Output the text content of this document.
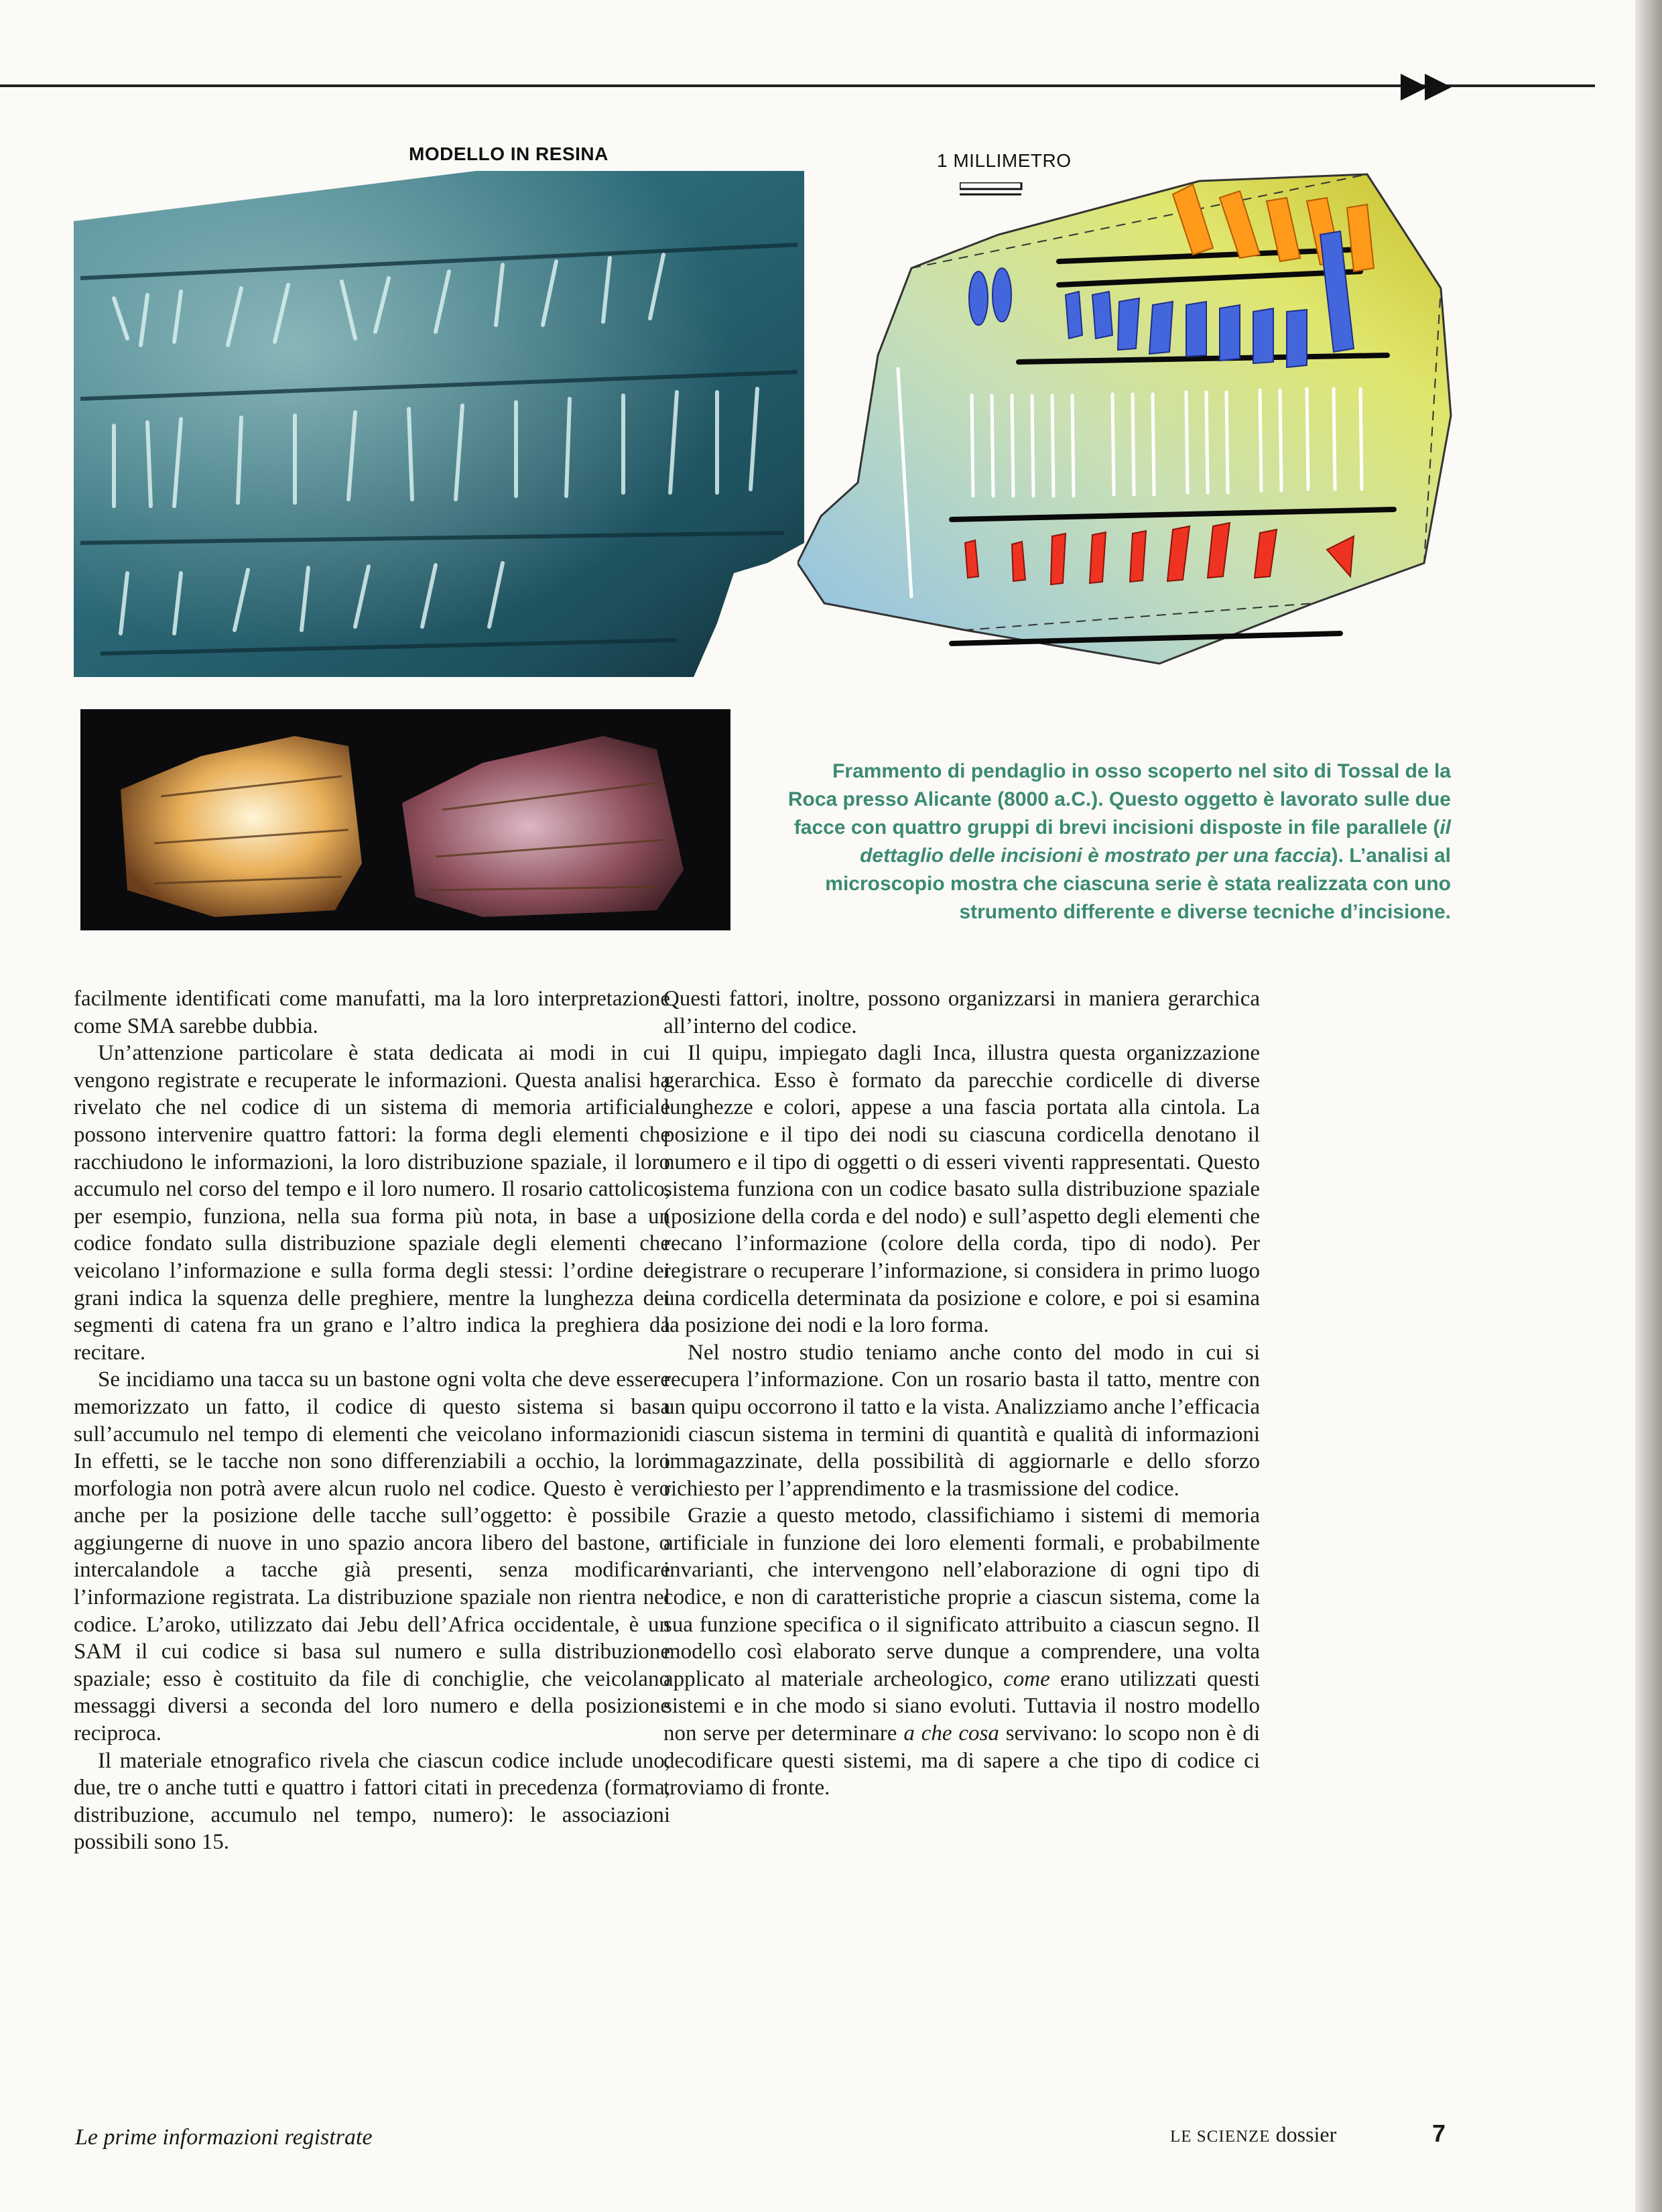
MODELLO IN RESINA	1 MILLIMETRO
Frammento di pendaglio in osso scoperto nel sito di Tossal de la Roca presso Alicante (8000 a.C.). Questo oggetto è lavorato sulle due facce con quattro gruppi di brevi incisioni disposte in file parallele (il dettaglio delle incisioni è mostrato per una faccia). L’analisi al microscopio mostra che ciascuna serie è stata realizzata con uno strumento differente e diverse tecniche d’incisione.

facilmente identificati come manufatti, ma la loro interpretazione come SMA sarebbe dubbia.

Un’attenzione particolare è stata dedicata ai modi in cui vengono registrate e recuperate le informazioni. Questa analisi ha rivelato che nel codice di un sistema di memoria artificiale possono intervenire quattro fattori: la forma degli elementi che racchiudono le informazioni, la loro distribuzione spaziale, il loro accumulo nel corso del tempo e il loro numero. Il rosario cattolico, per esempio, funziona, nella sua forma più nota, in base a un codice fondato sulla distribuzione spaziale degli elementi che veicolano l’informazione e sulla forma degli stessi: l’ordine dei grani indica la squenza delle preghiere, mentre la lunghezza dei segmenti di catena fra un grano e l’altro indica la preghiera da recitare.

Se incidiamo una tacca su un bastone ogni volta che deve essere memorizzato un fatto, il codice di questo sistema si basa sull’accumulo nel tempo di elementi che veicolano informazioni. In effetti, se le tacche non sono differenziabili a occhio, la loro morfologia non potrà avere alcun ruolo nel codice. Questo è vero anche per la posizione delle tacche sull’oggetto: è possibile aggiungerne di nuove in uno spazio ancora libero del bastone, o intercalandole a tacche già presenti, senza modificare l’informazione registrata. La distribuzione spaziale non rientra nel codice. L’aroko, utilizzato dai Jebu dell’Africa occidentale, è un SAM il cui codice si basa sul numero e sulla distribuzione spaziale; esso è costituito da file di conchiglie, che veicolano messaggi diversi a seconda del loro numero e della posizione reciproca.

Il materiale etnografico rivela che ciascun codice include uno, due, tre o anche tutti e quattro i fattori citati in precedenza (forma, distribuzione, accumulo nel tempo, numero): le associazioni possibili sono 15.

Questi fattori, inoltre, possono organizzarsi in maniera gerarchica all’interno del codice.

Il quipu, impiegato dagli Inca, illustra questa organizzazione gerarchica. Esso è formato da parecchie cordicelle di diverse lunghezze e colori, appese a una fascia portata alla cintola. La posizione e il tipo dei nodi su ciascuna cordicella denotano il numero e il tipo di oggetti o di esseri viventi rappresentati. Questo sistema funziona con un codice basato sulla distribuzione spaziale (posizione della corda e del nodo) e sull’aspetto degli elementi che recano l’informazione (colore della corda, tipo di nodo). Per registrare o recuperare l’informazione, si considera in primo luogo una cordicella determinata da posizione e colore, e poi si esamina la posizione dei nodi e la loro forma.

Nel nostro studio teniamo anche conto del modo in cui si recupera l’informazione. Con un rosario basta il tatto, mentre con un quipu occorrono il tatto e la vista. Analizziamo anche l’efficacia di ciascun sistema in termini di quantità e qualità di informazioni immagazzinate, della possibilità di aggiornarle e dello sforzo richiesto per l’apprendimento e la trasmissione del codice.

Grazie a questo metodo, classifichiamo i sistemi di memoria artificiale in funzione dei loro elementi formali, e probabilmente invarianti, che intervengono nell’elaborazione di ogni tipo di codice, e non di caratteristiche proprie a ciascun sistema, come la sua funzione specifica o il significato attribuito a ciascun segno. Il modello così elaborato serve dunque a comprendere, una volta applicato al materiale archeologico, come erano utilizzati questi sistemi e in che modo si siano evoluti. Tuttavia il nostro modello non serve per determinare a che cosa servivano: lo scopo non è di decodificare questi sistemi, ma di sapere a che tipo di codice ci troviamo di fronte.

Le prime informazioni registrate	LE SCIENZE dossier	7
